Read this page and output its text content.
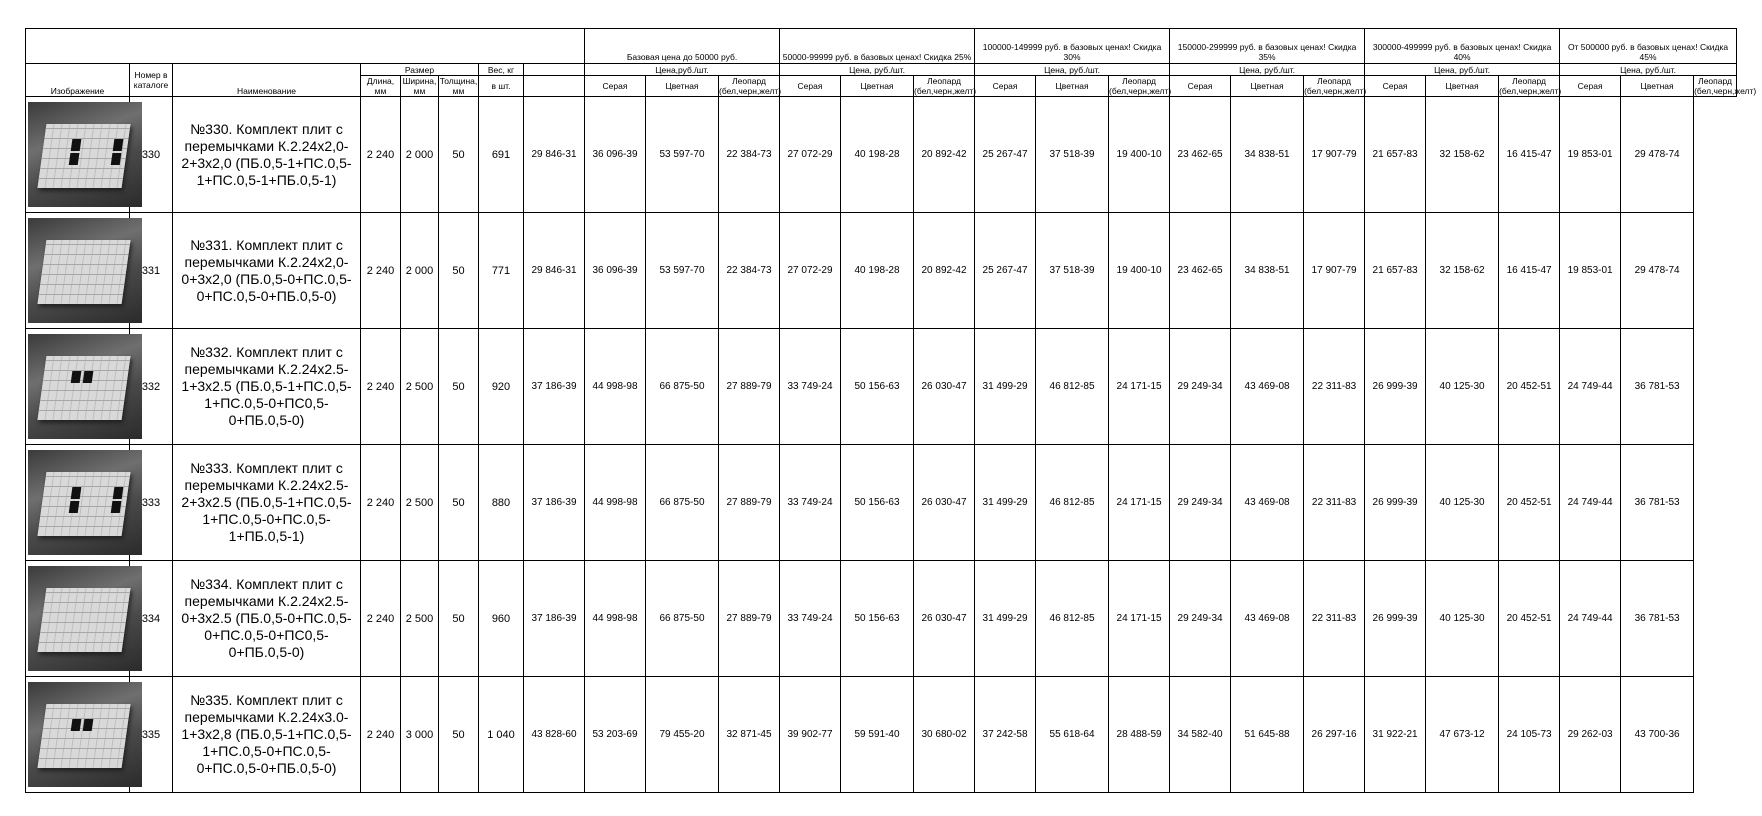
								Базовая цена до 50000 руб.			50000-99999 руб. в базовых ценах! Скидка 25%			100000-149999 руб. в базовых ценах! Скидка 30%			150000-299999 руб. в базовых ценах! Скидка 35%			300000-499999 руб. в базовых ценах! Скидка 40%			От 500000 руб. в базовых ценах! Скидка 45%		
Изображение	Номер в каталоге	Наименование	Размер			Вес, кг		Цена,руб./шт.			Цена, руб./шт.			Цена, руб./шт.			Цена, руб./шт.			Цена, руб./шт.			Цена, руб./шт.		
			Длина, мм	Ширина, мм	Толщина, мм	в шт.		Серая	Цветная	Леопард (бел,черн,желт)	Серая	Цветная	Леопард (бел,черн,желт)	Серая	Цветная	Леопард (бел,черн,желт)	Серая	Цветная	Леопард (бел,черн,желт)	Серая	Цветная	Леопард (бел,черн,желт)	Серая	Цветная	Леопард (бел,черн,желт)

	330	№330. Комплект плит с перемычками К.2.24х2,0-2+3х2,0 (ПБ.0,5-1+ПС.0,5-1+ПС.0,5-1+ПБ.0,5-1)	2 240	2 000	50	691	29 846-31	36 096-39	53 597-70	22 384-73	27 072-29	40 198-28	20 892-42	25 267-47	37 518-39	19 400-10	23 462-65	34 838-51	17 907-79	21 657-83	32 158-62	16 415-47	19 853-01	29 478-74	

	331	№331. Комплект плит с перемычками К.2.24х2,0-0+3х2,0 (ПБ.0,5-0+ПС.0,5-0+ПС.0,5-0+ПБ.0,5-0)	2 240	2 000	50	771	29 846-31	36 096-39	53 597-70	22 384-73	27 072-29	40 198-28	20 892-42	25 267-47	37 518-39	19 400-10	23 462-65	34 838-51	17 907-79	21 657-83	32 158-62	16 415-47	19 853-01	29 478-74	

	332	№332. Комплект плит с перемычками К.2.24х2.5-1+3х2.5 (ПБ.0,5-1+ПС.0,5-1+ПС.0,5-0+ПС0,5-0+ПБ.0,5-0)	2 240	2 500	50	920	37 186-39	44 998-98	66 875-50	27 889-79	33 749-24	50 156-63	26 030-47	31 499-29	46 812-85	24 171-15	29 249-34	43 469-08	22 311-83	26 999-39	40 125-30	20 452-51	24 749-44	36 781-53	

	333	№333. Комплект плит с перемычками К.2.24х2.5-2+3х2.5 (ПБ.0,5-1+ПС.0,5-1+ПС.0,5-0+ПС.0,5-1+ПБ.0,5-1)	2 240	2 500	50	880	37 186-39	44 998-98	66 875-50	27 889-79	33 749-24	50 156-63	26 030-47	31 499-29	46 812-85	24 171-15	29 249-34	43 469-08	22 311-83	26 999-39	40 125-30	20 452-51	24 749-44	36 781-53	

	334	№334. Комплект плит с перемычками К.2.24х2.5-0+3х2.5 (ПБ.0,5-0+ПС.0,5-0+ПС.0,5-0+ПС0,5-0+ПБ.0,5-0)	2 240	2 500	50	960	37 186-39	44 998-98	66 875-50	27 889-79	33 749-24	50 156-63	26 030-47	31 499-29	46 812-85	24 171-15	29 249-34	43 469-08	22 311-83	26 999-39	40 125-30	20 452-51	24 749-44	36 781-53	

	335	№335. Комплект плит с перемычками К.2.24х3.0-1+3х2,8 (ПБ.0,5-1+ПС.0,5-1+ПС.0,5-0+ПС.0,5-0+ПС.0,5-0+ПБ.0,5-0)	2 240	3 000	50	1 040	43 828-60	53 203-69	79 455-20	32 871-45	39 902-77	59 591-40	30 680-02	37 242-58	55 618-64	28 488-59	34 582-40	51 645-88	26 297-16	31 922-21	47 673-12	24 105-73	29 262-03	43 700-36	
